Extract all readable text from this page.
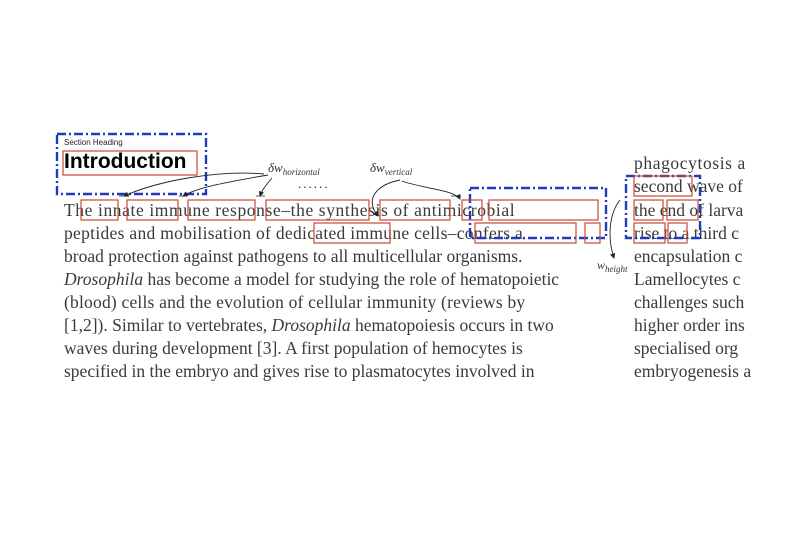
Section Heading
Introduction
The innate immune response–the synthesis of antimicrobial
peptides and mobilisation of dedicated immune cells–confers a
broad protection against pathogens to all multicellular organisms.
Drosophila has become a model for studying the role of hematopoietic
(blood) cells and the evolution of cellular immunity (reviews by
[1,2]). Similar to vertebrates, Drosophila hematopoiesis occurs in two
waves during development [3]. A first population of hemocytes is
specified in the embryo and gives rise to plasmatocytes involved in
phagocytosis a
second wave of
the end of larva
rise to a third c
encapsulation c
Lamellocytes c
challenges such
higher order ins
specialised org
embryogenesis a
$\delta w_{horizontal}$	$\delta w_{vertical}$
......
$w_{height}$
